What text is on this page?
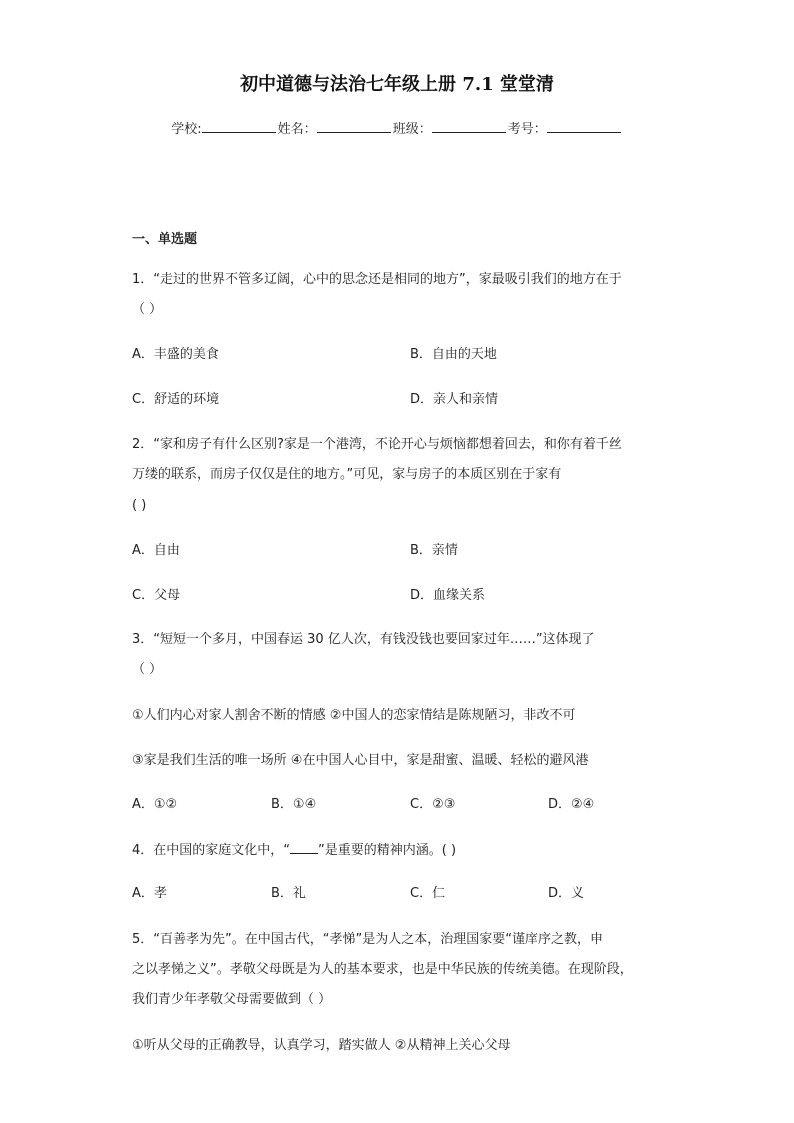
初中道德与法治七年级上册 7.1 堂堂清
学校:	姓名：	班级：	考号：
一、单选题
1．“走过的世界不管多辽阔，心中的思念还是相同的地方”，家最吸引我们的地方在于
（ ）
A．丰盛的美食	B．自由的天地
C．舒适的环境	D．亲人和亲情
2．“家和房子有什么区别?家是一个港湾，不论开心与烦恼都想着回去，和你有着千丝
万缕的联系，而房子仅仅是住的地方。”可见，家与房子的本质区别在于家有
( )
A．自由	B．亲情
C．父母	D．血缘关系
3．“短短一个多月，中国春运 30 亿人次，有钱没钱也要回家过年……”这体现了
（ ）
①人们内心对家人割舍不断的情感 ②中国人的恋家情结是陈规陋习，非改不可
③家是我们生活的唯一场所 ④在中国人心目中，家是甜蜜、温暖、轻松的避风港
A．①②	B．①④	C．②③	D．②④
4．在中国的家庭文化中，“ ”是重要的精神内涵。( )
A．孝	B．礼	C．仁	D．义
5．“百善孝为先”。在中国古代，“孝悌”是为人之本，治理国家要“谨庠序之教，申
之以孝悌之义”。孝敬父母既是为人的基本要求，也是中华民族的传统美德。在现阶段，
我们青少年孝敬父母需要做到（ ）
①听从父母的正确教导，认真学习，踏实做人 ②从精神上关心父母
